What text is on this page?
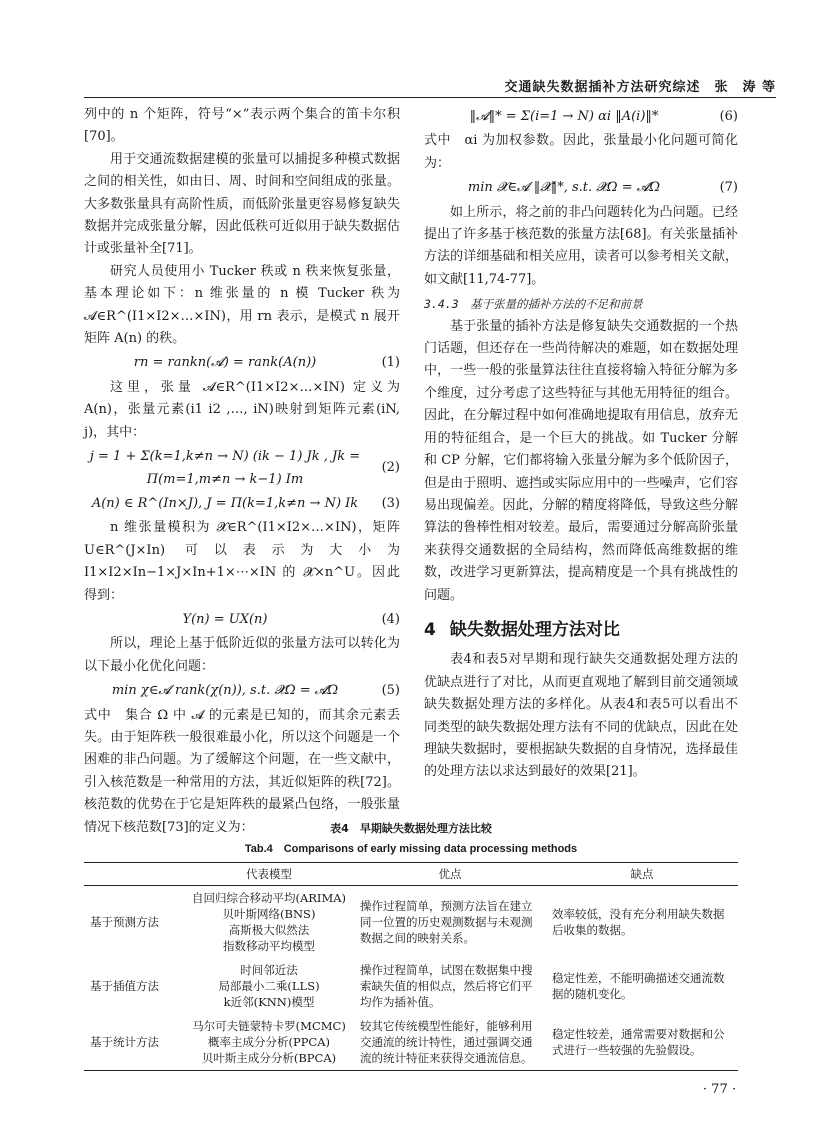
交通缺失数据插补方法研究综述　张　涛 等

列中的 n 个矩阵，符号“×”表示两个集合的笛卡尔积[70]。

用于交通流数据建模的张量可以捕捉多种模式数据之间的相关性，如由日、周、时间和空间组成的张量。大多数张量具有高阶性质，而低阶张量更容易修复缺失数据并完成张量分解，因此低秩可近似用于缺失数据估计或张量补全[71]。

研究人员使用小 Tucker 秩或 n 秩来恢复张量，基本理论如下：n 维张量的 n 模 Tucker 秩为 𝓐∈R^(I1×I2×…×IN)，用 rn 表示，是模式 n 展开矩阵 A(n) 的秩。

rn = rankn(𝓐) = rank(A(n))	(1)

这里，张量 𝓐∈R^(I1×I2×…×IN) 定义为 A(n)，张量元素(i1 i2 ,…, iN)映射到矩阵元素(iN, j)，其中：

j = 1 + Σ(k=1,k≠n → N) (ik − 1) Jk , Jk = Π(m=1,m≠n → k−1) Im
(2)
A(n) ∈ R^(In×J), J = Π(k=1,k≠n → N) Ik	(3)

n 维张量模积为 𝓧∈R^(I1×I2×…×IN)，矩阵 U∈R^(J×In) 可以表示为大小为 I1×I2×In−1×J×In+1×⋯×IN 的 𝓧×n^U。因此得到：

Y(n) = UX(n)	(4)

所以，理论上基于低阶近似的张量方法可以转化为以下最小化优化问题：

min χ∈𝓐 rank(χ(n)), s.t. 𝓧Ω = 𝓐Ω	(5)

式中　集合 Ω 中 𝓐 的元素是已知的，而其余元素丢失。由于矩阵秩一般很难最小化，所以这个问题是一个困难的非凸问题。为了缓解这个问题，在一些文献中，引入核范数是一种常用的方法，其近似矩阵的秩[72]。核范数的优势在于它是矩阵秩的最紧凸包络，一般张量情况下核范数[73]的定义为：

‖𝓐‖* = Σ(i=1 → N) αi ‖A(i)‖*	(6)

式中　αi 为加权参数。因此，张量最小化问题可简化为：

min 𝓧∈𝓐 ‖𝓧‖*, s.t. 𝓧Ω = 𝓐Ω	(7)

如上所示，将之前的非凸问题转化为凸问题。已经提出了许多基于核范数的张量方法[68]。有关张量插补方法的详细基础和相关应用，读者可以参考相关文献，如文献[11,74-77]。

3.4.3　基于张量的插补方法的不足和前景

基于张量的插补方法是修复缺失交通数据的一个热门话题，但还存在一些尚待解决的难题，如在数据处理中，一些一般的张量算法往往直接将输入特征分解为多个维度，过分考虑了这些特征与其他无用特征的组合。因此，在分解过程中如何准确地提取有用信息，放弃无用的特征组合，是一个巨大的挑战。如 Tucker 分解和 CP 分解，它们都将输入张量分解为多个低阶因子，但是由于照明、遮挡或实际应用中的一些噪声，它们容易出现偏差。因此，分解的精度将降低，导致这些分解算法的鲁棒性相对较差。最后，需要通过分解高阶张量来获得交通数据的全局结构，然而降低高维数据的维数，改进学习更新算法，提高精度是一个具有挑战性的问题。

4 缺失数据处理方法对比

表4和表5对早期和现行缺失交通数据处理方法的优缺点进行了对比，从而更直观地了解到目前交通领域缺失数据处理方法的多样化。从表4和表5可以看出不同类型的缺失数据处理方法有不同的优缺点，因此在处理缺失数据时，要根据缺失数据的自身情况，选择最佳的处理方法以求达到最好的效果[21]。

表4　早期缺失数据处理方法比较
Tab.4　Comparisons of early missing data processing methods
	代表模型	优点	缺点
基于预测方法	自回归综合移动平均(ARIMA)
贝叶斯网络(BNS)
高斯极大似然法
指数移动平均模型	操作过程简单，预测方法旨在建立同一位置的历史观测数据与未观测数据之间的映射关系。	效率较低，没有充分利用缺失数据后收集的数据。
基于插值方法	时间邻近法
局部最小二乘(LLS)
k近邻(KNN)模型	操作过程简单，试图在数据集中搜索缺失值的相似点，然后将它们平均作为插补值。	稳定性差，不能明确描述交通流数据的随机变化。
基于统计方法	马尔可夫链蒙特卡罗(MCMC)
概率主成分分析(PPCA)
贝叶斯主成分分析(BPCA)	较其它传统模型性能好，能够利用交通流的统计特性，通过强调交通流的统计特征来获得交通流信息。	稳定性较差，通常需要对数据和公式进行一些较强的先验假设。
· 77 ·
